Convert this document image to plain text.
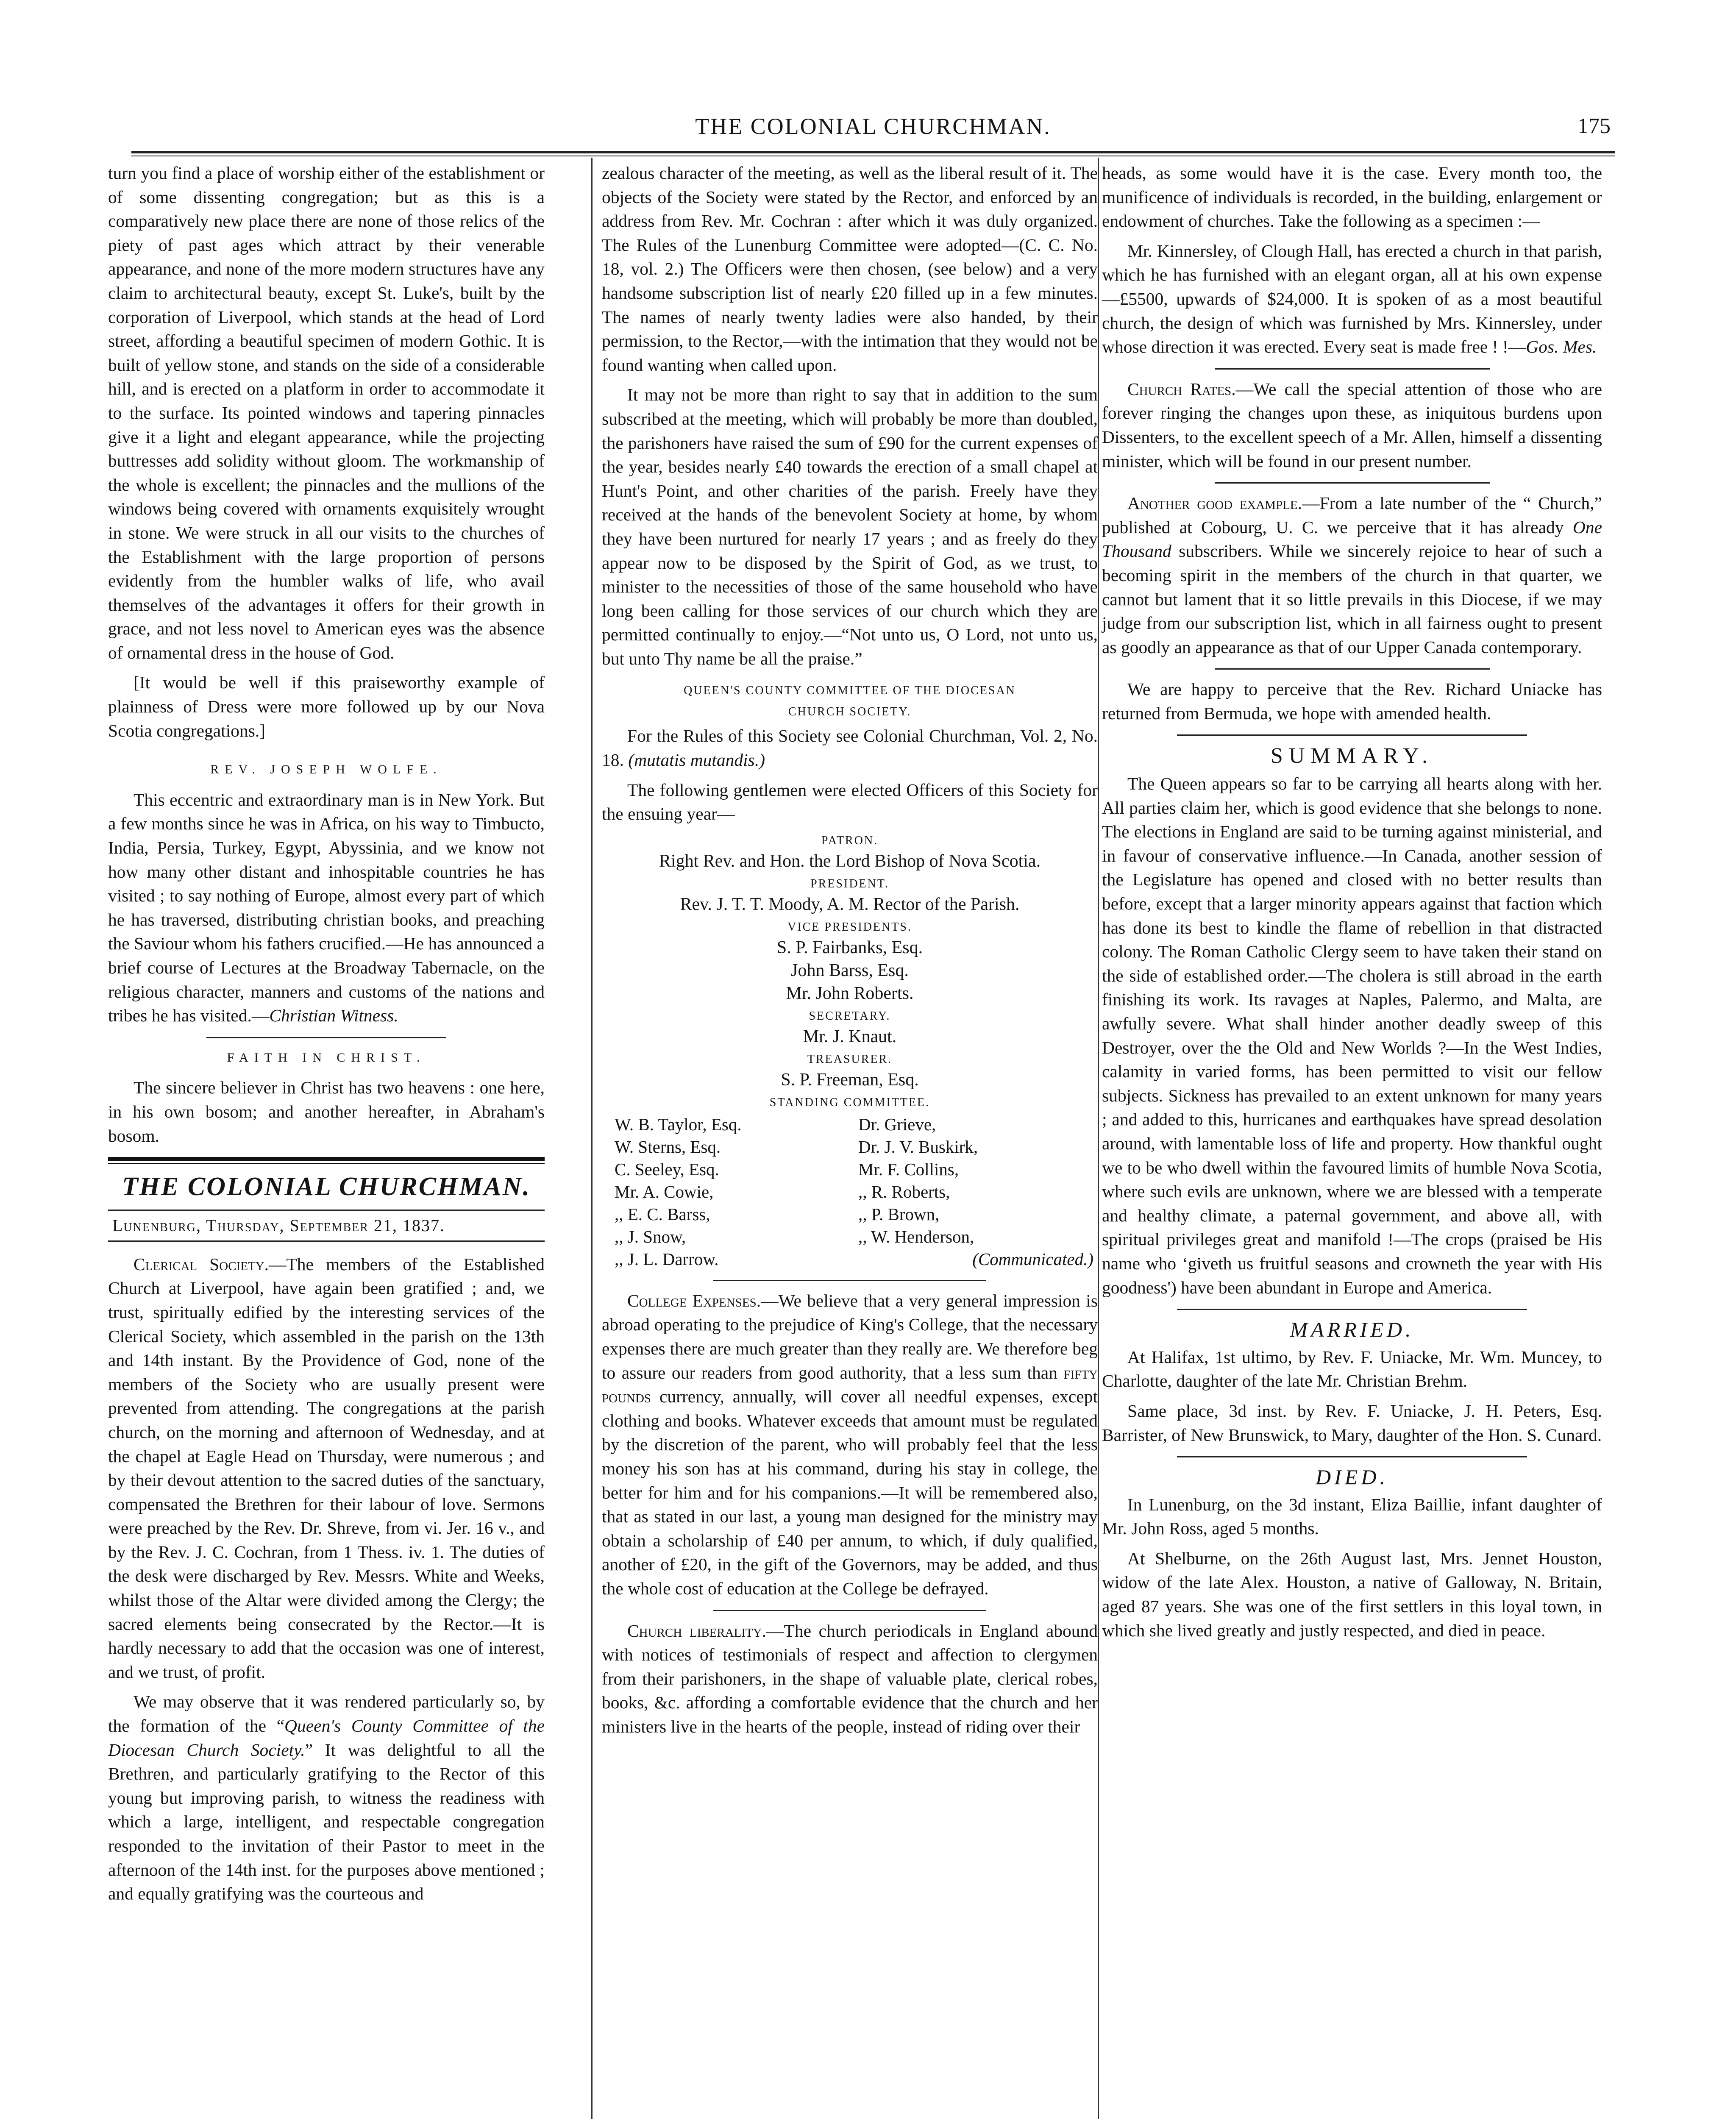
THE COLONIAL CHURCHMAN.	175

turn you find a place of worship either of the establishment or of some dissenting congregation; but as this is a comparatively new place there are none of those relics of the piety of past ages which attract by their venerable appearance, and none of the more modern structures have any claim to architectural beauty, except St. Luke's, built by the corporation of Liverpool, which stands at the head of Lord street, affording a beautiful specimen of modern Gothic. It is built of yellow stone, and stands on the side of a considerable hill, and is erected on a platform in order to accommodate it to the surface. Its pointed windows and tapering pinnacles give it a light and elegant appearance, while the projecting buttresses add solidity without gloom. The workmanship of the whole is excellent; the pinnacles and the mullions of the windows being covered with ornaments exquisitely wrought in stone. We were struck in all our visits to the churches of the Establishment with the large proportion of persons evidently from the humbler walks of life, who avail themselves of the advantages it offers for their growth in grace, and not less novel to American eyes was the absence of ornamental dress in the house of God.

[It would be well if this praiseworthy example of plainness of Dress were more followed up by our Nova Scotia congregations.]

REV. JOSEPH WOLFE.

This eccentric and extraordinary man is in New York. But a few months since he was in Africa, on his way to Timbucto, India, Persia, Turkey, Egypt, Abyssinia, and we know not how many other distant and inhospitable countries he has visited ; to say nothing of Europe, almost every part of which he has traversed, distributing christian books, and preaching the Saviour whom his fathers crucified.—He has announced a brief course of Lectures at the Broadway Tabernacle, on the religious character, manners and customs of the nations and tribes he has visited.—Christian Witness.

FAITH IN CHRIST.

The sincere believer in Christ has two heavens : one here, in his own bosom; and another hereafter, in Abraham's bosom.

THE COLONIAL CHURCHMAN.
Lunenburg, Thursday, September 21, 1837.

Clerical Society.—The members of the Established Church at Liverpool, have again been gratified ; and, we trust, spiritually edified by the interesting services of the Clerical Society, which assembled in the parish on the 13th and 14th instant. By the Providence of God, none of the members of the Society who are usually present were prevented from attending. The congregations at the parish church, on the morning and afternoon of Wednesday, and at the chapel at Eagle Head on Thursday, were numerous ; and by their devout attention to the sacred duties of the sanctuary, compensated the Brethren for their labour of love. Sermons were preached by the Rev. Dr. Shreve, from vi. Jer. 16 v., and by the Rev. J. C. Cochran, from 1 Thess. iv. 1. The duties of the desk were discharged by Rev. Messrs. White and Weeks, whilst those of the Altar were divided among the Clergy; the sacred elements being consecrated by the Rector.—It is hardly necessary to add that the occasion was one of interest, and we trust, of profit.

We may observe that it was rendered particularly so, by the formation of the “Queen's County Committee of the Diocesan Church Society.” It was delightful to all the Brethren, and particularly gratifying to the Rector of this young but improving parish, to witness the readiness with which a large, intelligent, and respectable congregation responded to the invitation of their Pastor to meet in the afternoon of the 14th inst. for the purposes above mentioned ; and equally gratifying was the courteous and

zealous character of the meeting, as well as the liberal result of it. The objects of the Society were stated by the Rector, and enforced by an address from Rev. Mr. Cochran : after which it was duly organized. The Rules of the Lunenburg Committee were adopted—(C. C. No. 18, vol. 2.) The Officers were then chosen, (see below) and a very handsome subscription list of nearly £20 filled up in a few minutes. The names of nearly twenty ladies were also handed, by their permission, to the Rector,—with the intimation that they would not be found wanting when called upon.

It may not be more than right to say that in addition to the sum subscribed at the meeting, which will probably be more than doubled, the parishoners have raised the sum of £90 for the current expenses of the year, besides nearly £40 towards the erection of a small chapel at Hunt's Point, and other charities of the parish. Freely have they received at the hands of the benevolent Society at home, by whom they have been nurtured for nearly 17 years ; and as freely do they appear now to be disposed by the Spirit of God, as we trust, to minister to the necessities of those of the same household who have long been calling for those services of our church which they are permitted continually to enjoy.—“Not unto us, O Lord, not unto us, but unto Thy name be all the praise.”

QUEEN'S COUNTY COMMITTEE OF THE DIOCESAN
CHURCH SOCIETY.

For the Rules of this Society see Colonial Churchman, Vol. 2, No. 18. (mutatis mutandis.)

The following gentlemen were elected Officers of this Society for the ensuing year—

PATRON.
Right Rev. and Hon. the Lord Bishop of Nova Scotia.
PRESIDENT.
Rev. J. T. T. Moody, A. M. Rector of the Parish.
VICE PRESIDENTS.
S. P. Fairbanks, Esq.
John Barss, Esq.
Mr. John Roberts.
SECRETARY.
Mr. J. Knaut.
TREASURER.
S. P. Freeman, Esq.
STANDING COMMITTEE.
W. B. Taylor, Esq.	Dr. Grieve,
W. Sterns, Esq.	Dr. J. V. Buskirk,
C. Seeley, Esq.	Mr. F. Collins,
Mr. A. Cowie,	,, R. Roberts,
,, E. C. Barss,	,, P. Brown,
,, J. Snow,	,, W. Henderson,
,, J. L. Darrow.	(Communicated.)

College Expenses.—We believe that a very general impression is abroad operating to the prejudice of King's College, that the necessary expenses there are much greater than they really are. We therefore beg to assure our readers from good authority, that a less sum than fifty pounds currency, annually, will cover all needful expenses, except clothing and books. Whatever exceeds that amount must be regulated by the discretion of the parent, who will probably feel that the less money his son has at his command, during his stay in college, the better for him and for his companions.—It will be remembered also, that as stated in our last, a young man designed for the ministry may obtain a scholarship of £40 per annum, to which, if duly qualified, another of £20, in the gift of the Governors, may be added, and thus the whole cost of education at the College be defrayed.

Church liberality.—The church periodicals in England abound with notices of testimonials of respect and affection to clergymen from their parishoners, in the shape of valuable plate, clerical robes, books, &c. affording a comfortable evidence that the church and her ministers live in the hearts of the people, instead of riding over their

heads, as some would have it is the case. Every month too, the munificence of individuals is recorded, in the building, enlargement or endowment of churches. Take the following as a specimen :—

Mr. Kinnersley, of Clough Hall, has erected a church in that parish, which he has furnished with an elegant organ, all at his own expense—£5500, upwards of $24,000. It is spoken of as a most beautiful church, the design of which was furnished by Mrs. Kinnersley, under whose direction it was erected. Every seat is made free ! !—Gos. Mes.

Church Rates.—We call the special attention of those who are forever ringing the changes upon these, as iniquitous burdens upon Dissenters, to the excellent speech of a Mr. Allen, himself a dissenting minister, which will be found in our present number.

Another good example.—From a late number of the “ Church,” published at Cobourg, U. C. we perceive that it has already One Thousand subscribers. While we sincerely rejoice to hear of such a becoming spirit in the members of the church in that quarter, we cannot but lament that it so little prevails in this Diocese, if we may judge from our subscription list, which in all fairness ought to present as goodly an appearance as that of our Upper Canada contemporary.

We are happy to perceive that the Rev. Richard Uniacke has returned from Bermuda, we hope with amended health.

SUMMARY.

The Queen appears so far to be carrying all hearts along with her. All parties claim her, which is good evidence that she belongs to none. The elections in England are said to be turning against ministerial, and in favour of conservative influence.—In Canada, another session of the Legislature has opened and closed with no better results than before, except that a larger minority appears against that faction which has done its best to kindle the flame of rebellion in that distracted colony. The Roman Catholic Clergy seem to have taken their stand on the side of established order.—The cholera is still abroad in the earth finishing its work. Its ravages at Naples, Palermo, and Malta, are awfully severe. What shall hinder another deadly sweep of this Destroyer, over the the Old and New Worlds ?—In the West Indies, calamity in varied forms, has been permitted to visit our fellow subjects. Sickness has prevailed to an extent unknown for many years ; and added to this, hurricanes and earthquakes have spread desolation around, with lamentable loss of life and property. How thankful ought we to be who dwell within the favoured limits of humble Nova Scotia, where such evils are unknown, where we are blessed with a temperate and healthy climate, a paternal government, and above all, with spiritual privileges great and manifold !—The crops (praised be His name who ‘giveth us fruitful seasons and crowneth the year with His goodness') have been abundant in Europe and America.

MARRIED.

At Halifax, 1st ultimo, by Rev. F. Uniacke, Mr. Wm. Muncey, to Charlotte, daughter of the late Mr. Christian Brehm.

Same place, 3d inst. by Rev. F. Uniacke, J. H. Peters, Esq. Barrister, of New Brunswick, to Mary, daughter of the Hon. S. Cunard.

DIED.

In Lunenburg, on the 3d instant, Eliza Baillie, infant daughter of Mr. John Ross, aged 5 months.

At Shelburne, on the 26th August last, Mrs. Jennet Houston, widow of the late Alex. Houston, a native of Galloway, N. Britain, aged 87 years. She was one of the first settlers in this loyal town, in which she lived greatly and justly respected, and died in peace.
